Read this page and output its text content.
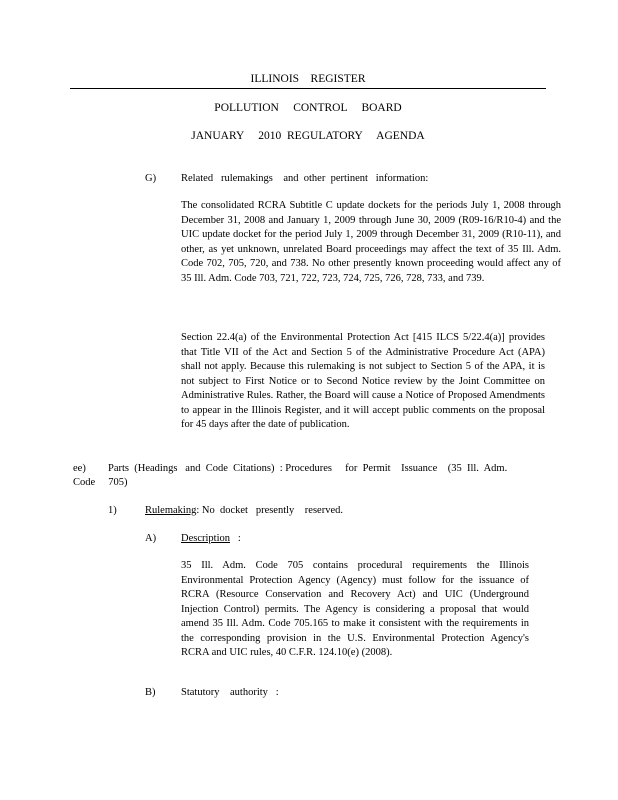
ILLINOIS    REGISTER
POLLUTION     CONTROL     BOARD
JANUARY     2010  REGULATORY     AGENDA
G) Related   rulemakings    and  other  pertinent   information:
The consolidated RCRA Subtitle C update dockets for the periods July 1, 2008 through December 31, 2008 and January 1, 2009 through June 30, 2009 (R09-16/R10-4) and the UIC update docket for the period July 1, 2009 through December 31, 2009 (R10-11), and other, as yet unknown, unrelated Board proceedings may affect the text of 35 Ill. Adm. Code 702, 705, 720, and 738. No other presently known proceeding would affect any of 35 Ill. Adm. Code 703, 721, 722, 723, 724, 725, 726, 728, 733, and 739.
Section 22.4(a) of the Environmental Protection Act [415 ILCS 5/22.4(a)] provides that Title VII of the Act and Section 5 of the Administrative Procedure Act (APA) shall not apply. Because this rulemaking is not subject to Section 5 of the APA, it is not subject to First Notice or to Second Notice review by the Joint Committee on Administrative Rules. Rather, the Board will cause a Notice of Proposed Amendments to appear in the Illinois Register, and it will accept public comments on the proposal for 45 days after the date of publication.
ee) Parts  (Headings   and  Code  Citations)  : Procedures     for  Permit    Issuance    (35  Ill.  Adm.
Code     705)
1)	Rulemaking: No  docket   presently    reserved.
A) Description :
35 Ill. Adm. Code 705 contains procedural requirements the Illinois Environmental Protection Agency (Agency) must follow for the issuance of RCRA (Resource Conservation and Recovery Act) and UIC (Underground Injection Control) permits. The Agency is considering a proposal that would amend 35 Ill. Adm. Code 705.165 to make it consistent with the requirements in the corresponding provision in the U.S. Environmental Protection Agency's RCRA and UIC rules, 40 C.F.R. 124.10(e) (2008).
B) Statutory    authority   :
